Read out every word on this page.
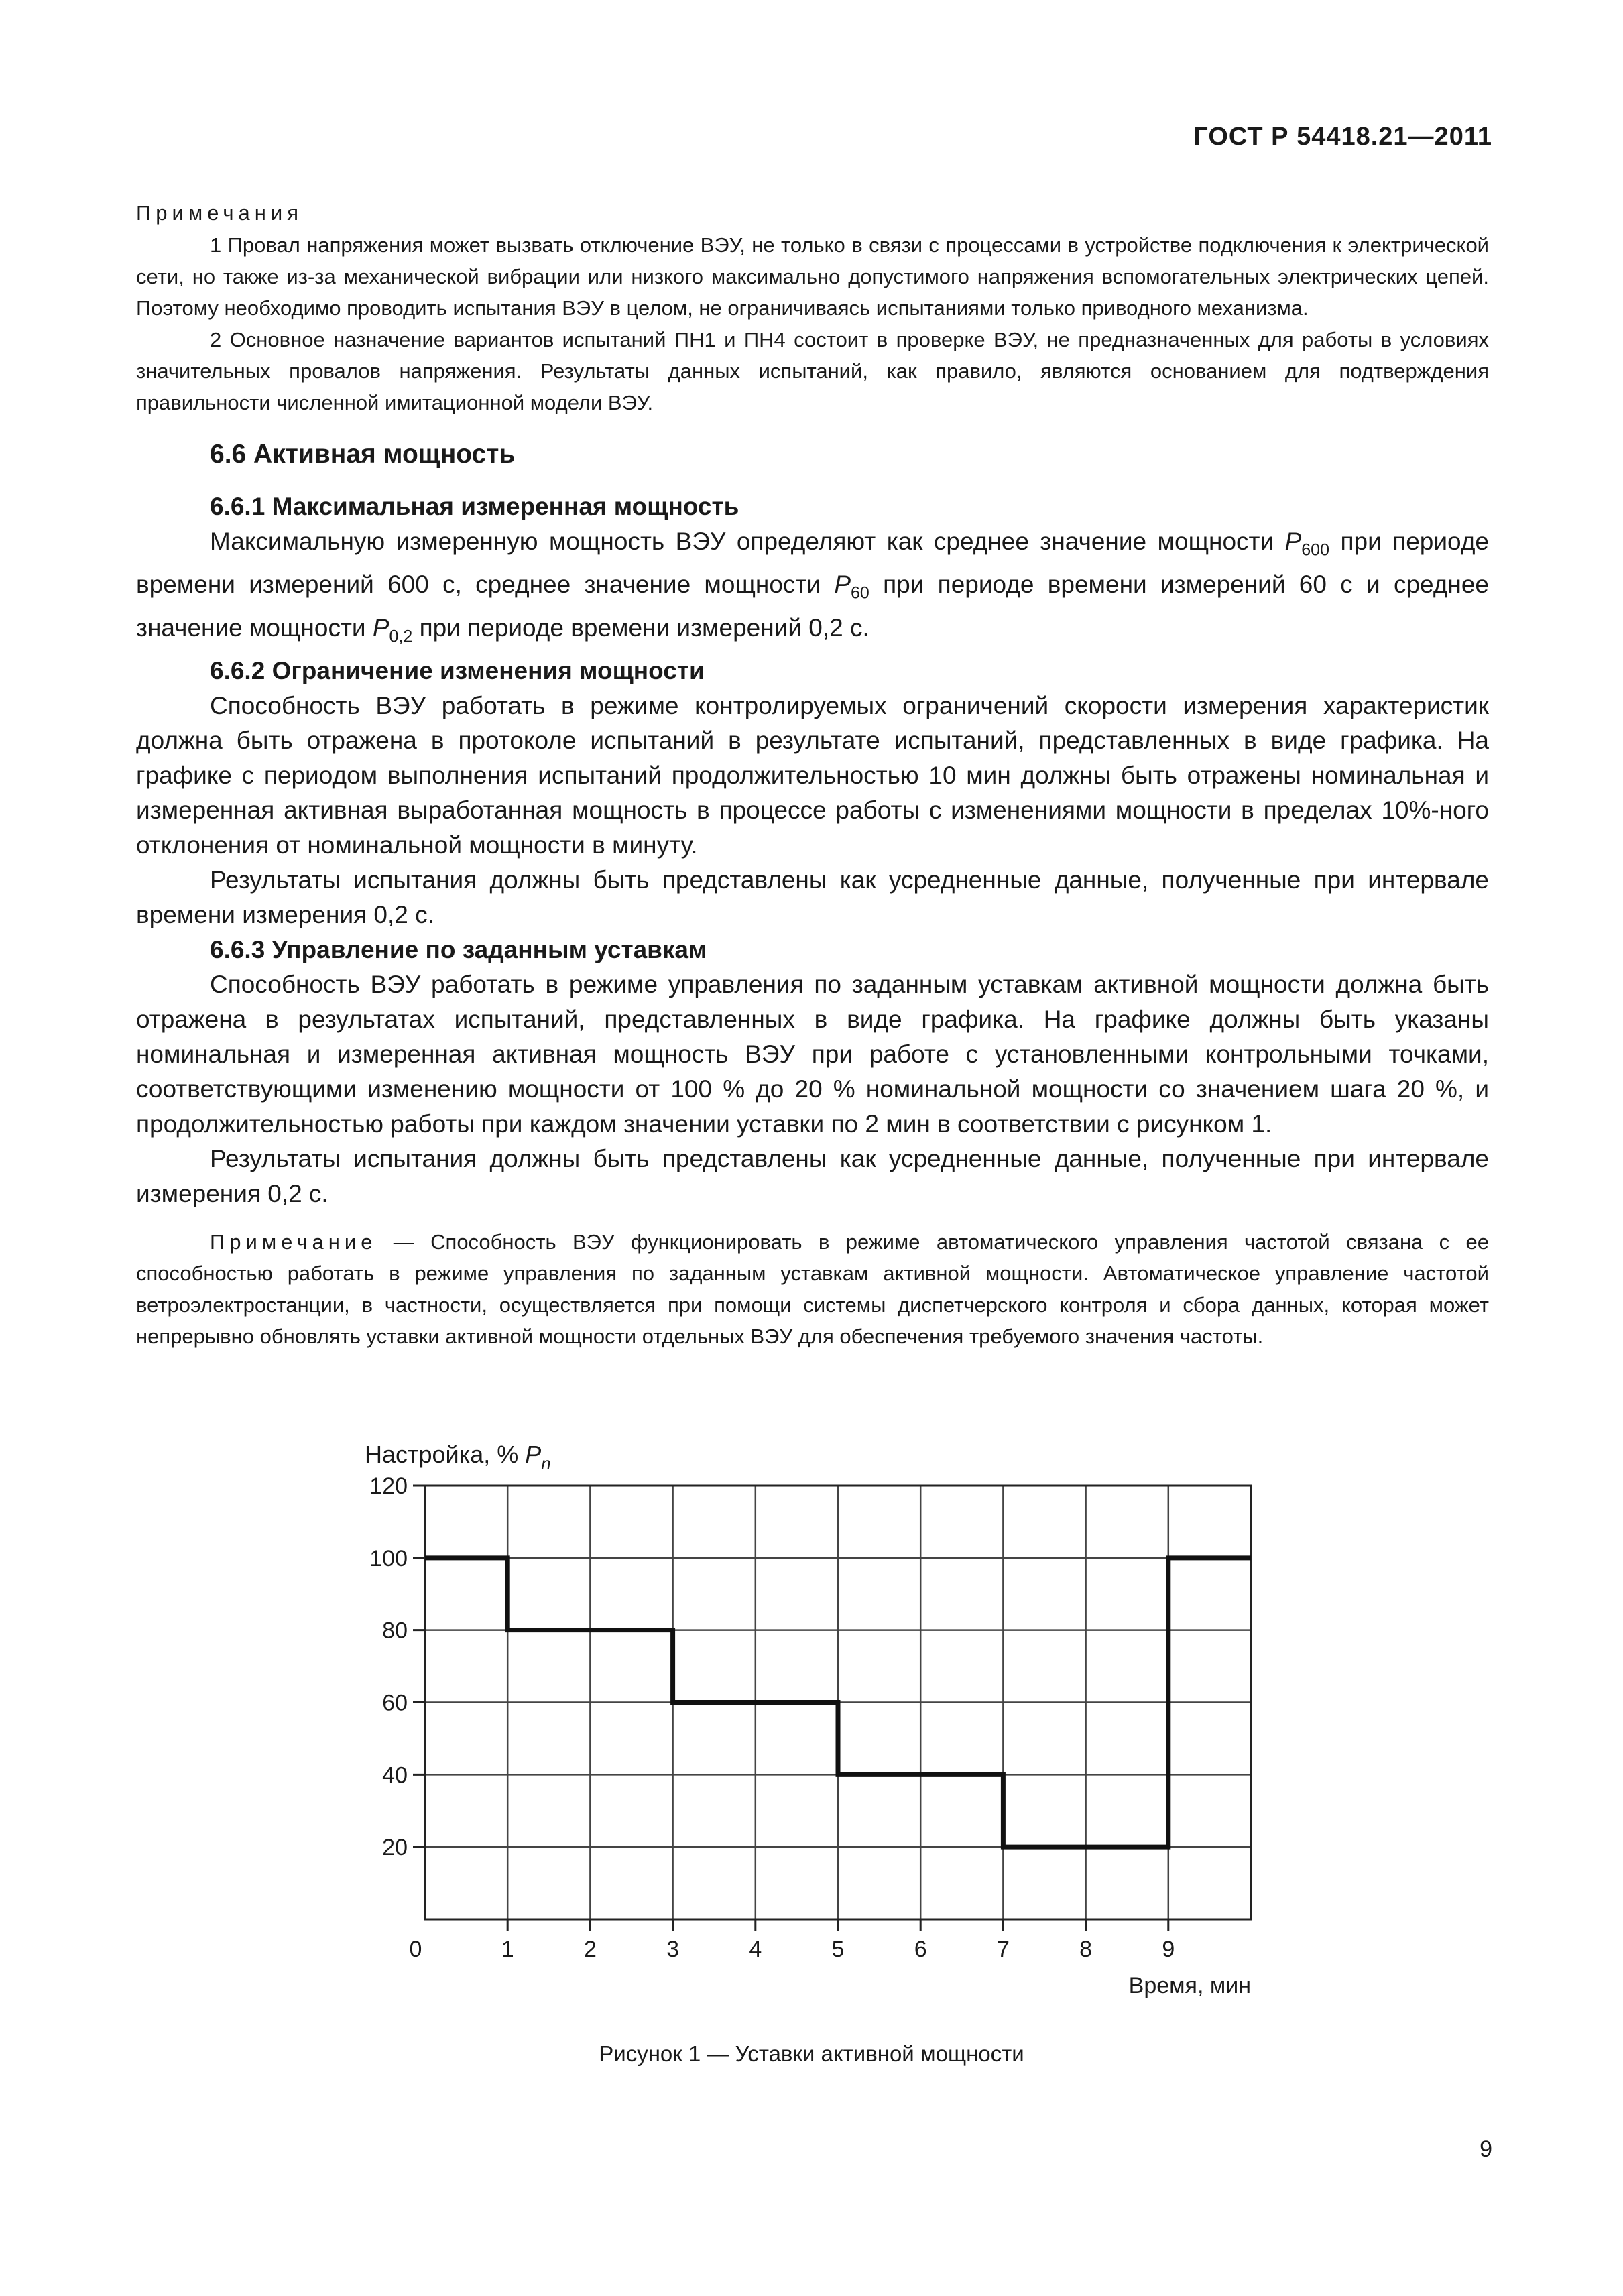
ГОСТ Р 54418.21—2011
Примечания

1 Провал напряжения может вызвать отключение ВЭУ, не только в связи с процессами в устройстве подключения к электрической сети, но также из-за механической вибрации или низкого максимально допустимого напряжения вспомогательных электрических цепей. Поэтому необходимо проводить испытания ВЭУ в целом, не ограничиваясь испытаниями только приводного механизма.

2 Основное назначение вариантов испытаний ПН1 и ПН4 состоит в проверке ВЭУ, не предназначенных для работы в условиях значительных провалов напряжения. Результаты данных испытаний, как правило, являются основанием для подтверждения правильности численной имитационной модели ВЭУ.

6.6 Активная мощность
6.6.1 Максимальная измеренная мощность

Максимальную измеренную мощность ВЭУ определяют как среднее значение мощности $P_{600}$ при периоде времени измерений 600 с, среднее значение мощности $P_{60}$ при периоде времени измерений 60 с и среднее значение мощности $P_{0,2}$ при периоде времени измерений 0,2 с.

6.6.2 Ограничение изменения мощности

Способность ВЭУ работать в режиме контролируемых ограничений скорости измерения характеристик должна быть отражена в протоколе испытаний в результате испытаний, представленных в виде графика. На графике с периодом выполнения испытаний продолжительностью 10 мин должны быть отражены номинальная и измеренная активная выработанная мощность в процессе работы с изменениями мощности в пределах 10%-ного отклонения от номинальной мощности в минуту.

Результаты испытания должны быть представлены как усредненные данные, полученные при интервале времени измерения 0,2 с.

6.6.3 Управление по заданным уставкам

Способность ВЭУ работать в режиме управления по заданным уставкам активной мощности должна быть отражена в результатах испытаний, представленных в виде графика. На графике должны быть указаны номинальная и измеренная активная мощность ВЭУ при работе с установленными контрольными точками, соответствующими изменению мощности от 100 % до 20 % номинальной мощности со значением шага 20 %, и продолжительностью работы при каждом значении уставки по 2 мин в соответствии с рисунком 1.

Результаты испытания должны быть представлены как усредненные данные, полученные при интервале измерения 0,2 с.

Примечание — Способность ВЭУ функционировать в режиме автоматического управления частотой связана с ее способностью работать в режиме управления по заданным уставкам активной мощности. Автоматическое управление частотой ветроэлектростанции, в частности, осуществляется при помощи системы диспетчерского контроля и сбора данных, которая может непрерывно обновлять уставки активной мощности отдельных ВЭУ для обеспечения требуемого значения частоты.

20
40
60
80
100
120
0	1	2	3	4	5	6	7	8	9
Настройка, % $P_n$
Время, мин
Рисунок 1 — Уставки активной мощности
9
